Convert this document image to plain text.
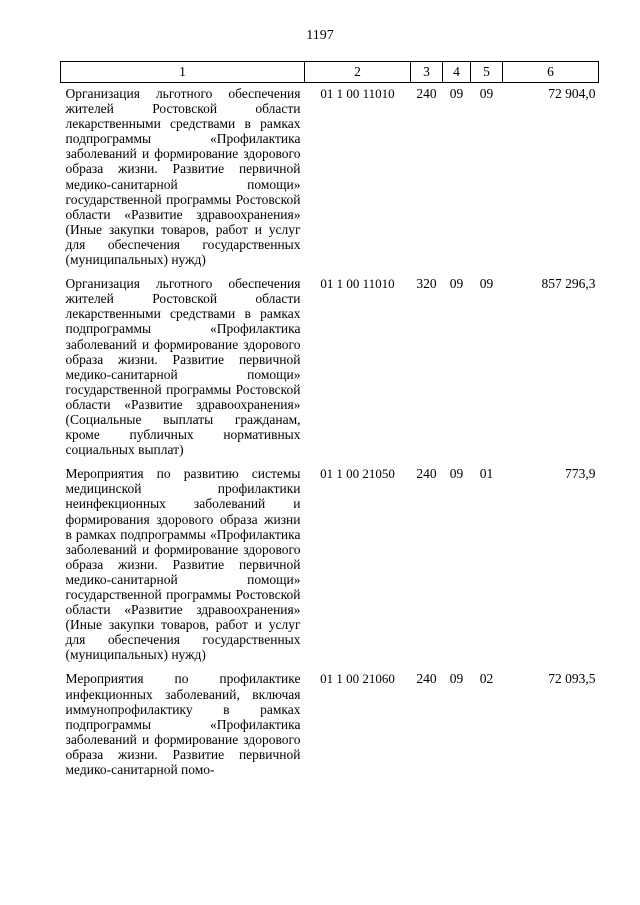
1197
1	2	3	4	5	6
Организация льготного обеспечения жителей Ростовской области лекарственными средствами в рамках подпрограммы «Профилактика заболеваний и формирование здорового образа жизни. Развитие первичной медико-санитарной помощи» государственной программы Ростовской области «Развитие здравоохранения» (Иные закупки товаров, работ и услуг для обеспечения государственных (муниципальных) нужд)	01 1 00 11010	240	09	09	72 904,0
Организация льготного обеспечения жителей Ростовской области лекарственными средствами в рамках подпрограммы «Профилактика заболеваний и формирование здорового образа жизни. Развитие первичной медико-санитарной помощи» государственной программы Ростовской области «Развитие здравоохранения» (Социальные выплаты гражданам, кроме публичных нормативных социальных выплат)	01 1 00 11010	320	09	09	857 296,3
Мероприятия по развитию системы медицинской профилактики неинфекционных заболеваний и формирования здорового образа жизни в рамках подпрограммы «Профилактика заболеваний и формирование здорового образа жизни. Развитие первичной медико-санитарной помощи» государственной программы Ростовской области «Развитие здравоохранения» (Иные закупки товаров, работ и услуг для обеспечения государственных (муниципальных) нужд)	01 1 00 21050	240	09	01	773,9
Мероприятия по профилактике инфекционных заболеваний, включая иммунопрофилактику в рамках подпрограммы «Профилактика заболеваний и формирование здорового образа жизни. Развитие первичной медико-санитарной помо-	01 1 00 21060	240	09	02	72 093,5
